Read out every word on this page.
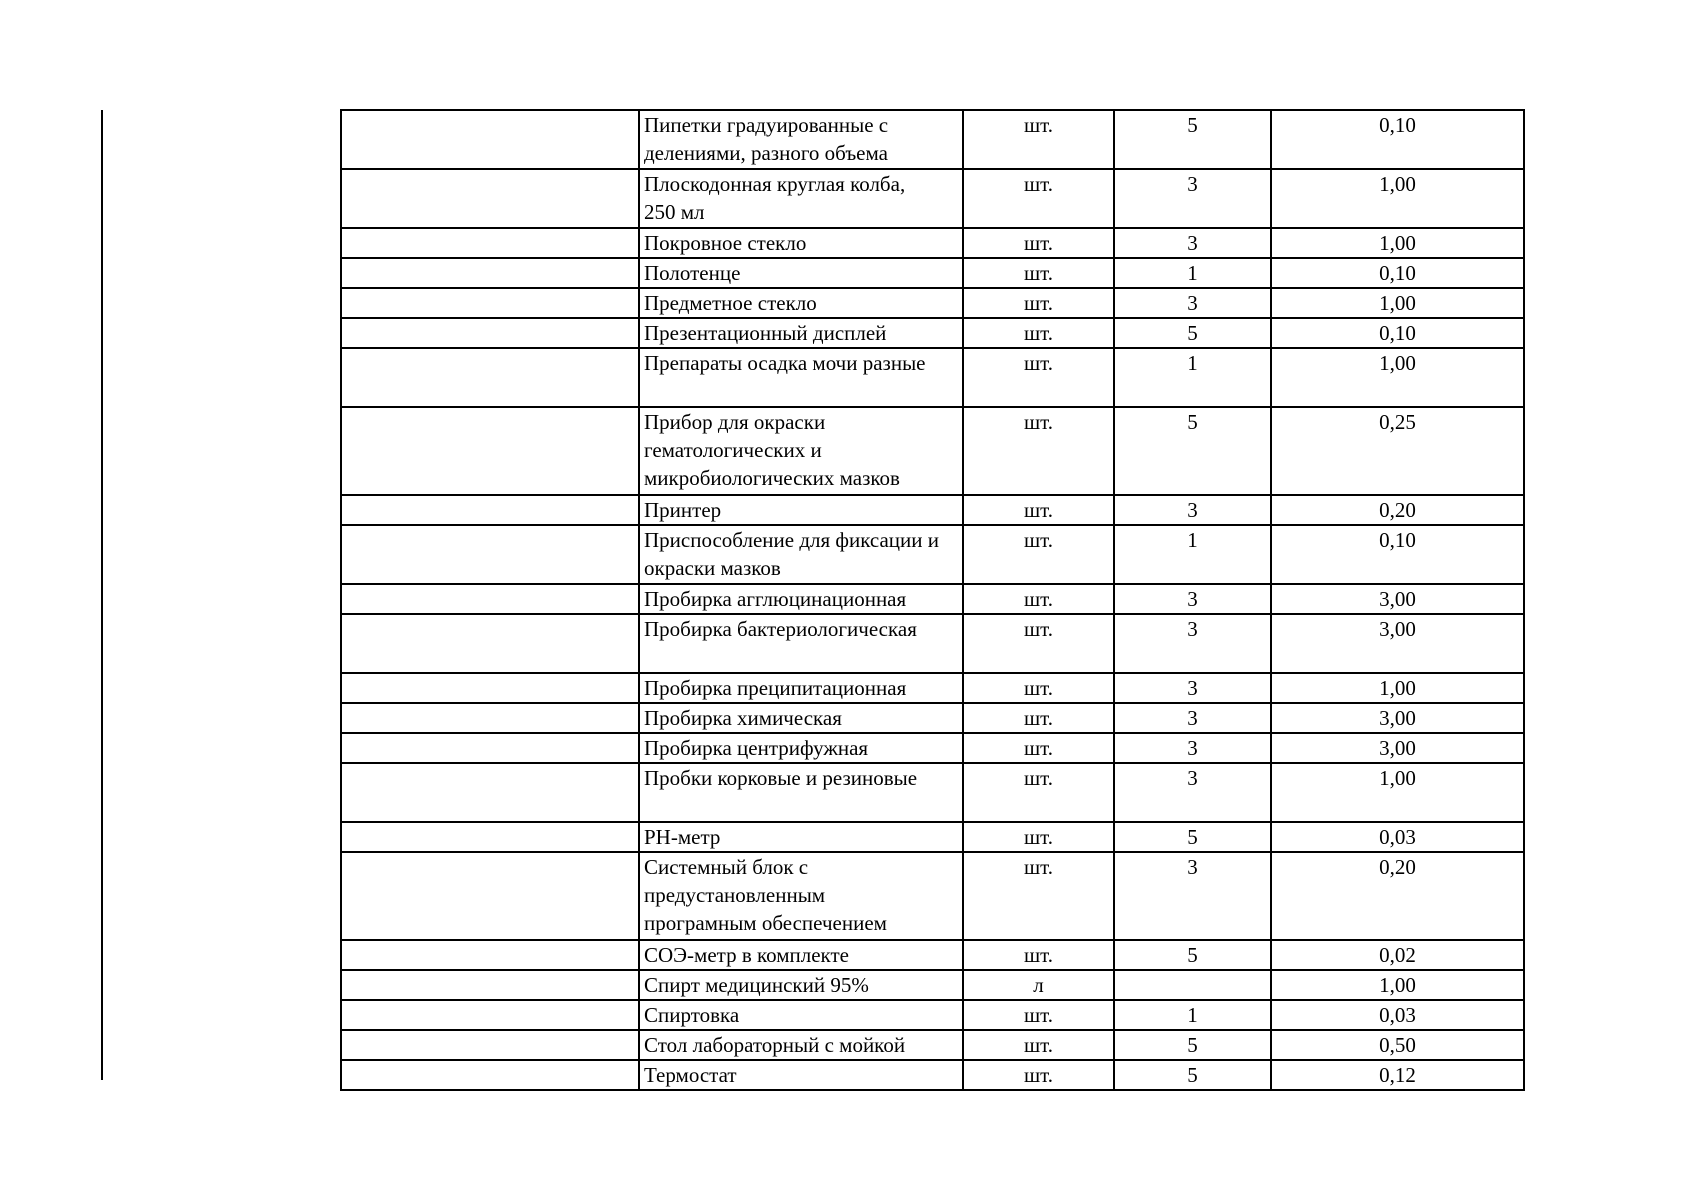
	Пипетки градуированные с
делениями, разного объема	шт.	5	0,10
	Плоскодонная круглая колба,
250 мл	шт.	3	1,00
	Покровное стекло	шт.	3	1,00
	Полотенце	шт.	1	0,10
	Предметное стекло	шт.	3	1,00
	Презентационный дисплей	шт.	5	0,10
	Препараты осадка мочи разные	шт.	1	1,00
	Прибор для окраски
гематологических и
микробиологических мазков	шт.	5	0,25
	Принтер	шт.	3	0,20
	Приспособление для фиксации и
окраски мазков	шт.	1	0,10
	Пробирка агглюцинационная	шт.	3	3,00
	Пробирка бактериологическая	шт.	3	3,00
	Пробирка преципитационная	шт.	3	1,00
	Пробирка химическая	шт.	3	3,00
	Пробирка центрифужная	шт.	3	3,00
	Пробки корковые и резиновые	шт.	3	1,00
	РН-метр	шт.	5	0,03
	Системный блок с
предустановленным
програмным обеспечением	шт.	3	0,20
	СОЭ-метр в комплекте	шт.	5	0,02
	Спирт медицинский 95%	л		1,00
	Спиртовка	шт.	1	0,03
	Стол лабораторный с мойкой	шт.	5	0,50
	Термостат	шт.	5	0,12
